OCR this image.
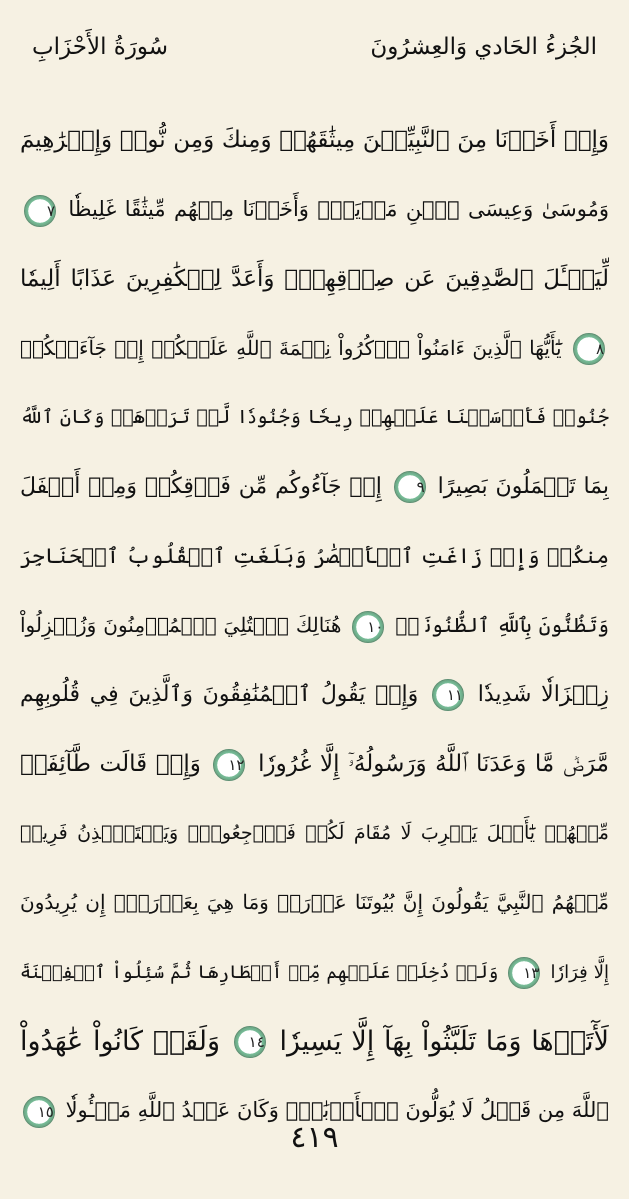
سُورَةُ الأَحْزَابِ	الجُزءُ الحَادي وَالعِشرُونَ
وَإِذۡ أَخَذۡنَا مِنَ ٱلنَّبِيِّـۧنَ مِيثَٰقَهُمۡ وَمِنكَ وَمِن نُّوحٖ وَإِبۡرَٰهِيمَ
وَمُوسَىٰ وَعِيسَى ٱبۡنِ مَرۡيَمَۖ وَأَخَذۡنَا مِنۡهُم مِّيثَٰقًا غَلِيظٗا ٧
لِّيَسۡـَٔلَ ٱلصَّٰدِقِينَ عَن صِدۡقِهِمۡۚ وَأَعَدَّ لِلۡكَٰفِرِينَ عَذَابًا أَلِيمٗا
٨ يَٰٓأَيُّهَا ٱلَّذِينَ ءَامَنُواْ ٱذۡكُرُواْ نِعۡمَةَ ٱللَّهِ عَلَيۡكُمۡ إِذۡ جَآءَتۡكُمۡ
جُنُودٞ فَأَرۡسَلۡنَا عَلَيۡهِمۡ رِيحٗا وَجُنُودٗا لَّمۡ تَرَوۡهَاۚ وَكَانَ ٱللَّهُ
بِمَا تَعۡمَلُونَ بَصِيرًا ٩ إِذۡ جَآءُوكُم مِّن فَوۡقِكُمۡ وَمِنۡ أَسۡفَلَ
مِنكُمۡ وَإِذۡ زَاغَتِ ٱلۡأَبۡصَٰرُ وَبَلَغَتِ ٱلۡقُلُوبُ ٱلۡحَنَاجِرَ
وَتَظُنُّونَ بِٱللَّهِ ٱلظُّنُونَا۠ ١٠ هُنَالِكَ ٱبۡتُلِيَ ٱلۡمُؤۡمِنُونَ وَزُلۡزِلُواْ
زِلۡزَالٗا شَدِيدٗا ١١ وَإِذۡ يَقُولُ ٱلۡمُنَٰفِقُونَ وَٱلَّذِينَ فِي قُلُوبِهِم
مَّرَضٞ مَّا وَعَدَنَا ٱللَّهُ وَرَسُولُهُۥٓ إِلَّا غُرُورٗا ١٢ وَإِذۡ قَالَت طَّآئِفَةٞ
مِّنۡهُمۡ يَٰٓأَهۡلَ يَثۡرِبَ لَا مُقَامَ لَكُمۡ فَٱرۡجِعُواْۚ وَيَسۡتَـٔۡذِنُ فَرِيقٞ
مِّنۡهُمُ ٱلنَّبِيَّ يَقُولُونَ إِنَّ بُيُوتَنَا عَوۡرَةٞ وَمَا هِيَ بِعَوۡرَةٍۖ إِن يُرِيدُونَ
إِلَّا فِرَارٗا ١٣ وَلَوۡ دُخِلَتۡ عَلَيۡهِم مِّنۡ أَقۡطَارِهَا ثُمَّ سُئِلُواْ ٱلۡفِتۡنَةَ
لَأٓتَوۡهَا وَمَا تَلَبَّثُواْ بِهَآ إِلَّا يَسِيرٗا ١٤ وَلَقَدۡ كَانُواْ عَٰهَدُواْ
ٱللَّهَ مِن قَبۡلُ لَا يُوَلُّونَ ٱلۡأَدۡبَٰرَۚ وَكَانَ عَهۡدُ ٱللَّهِ مَسۡـُٔولٗا ١٥
٤١٩
